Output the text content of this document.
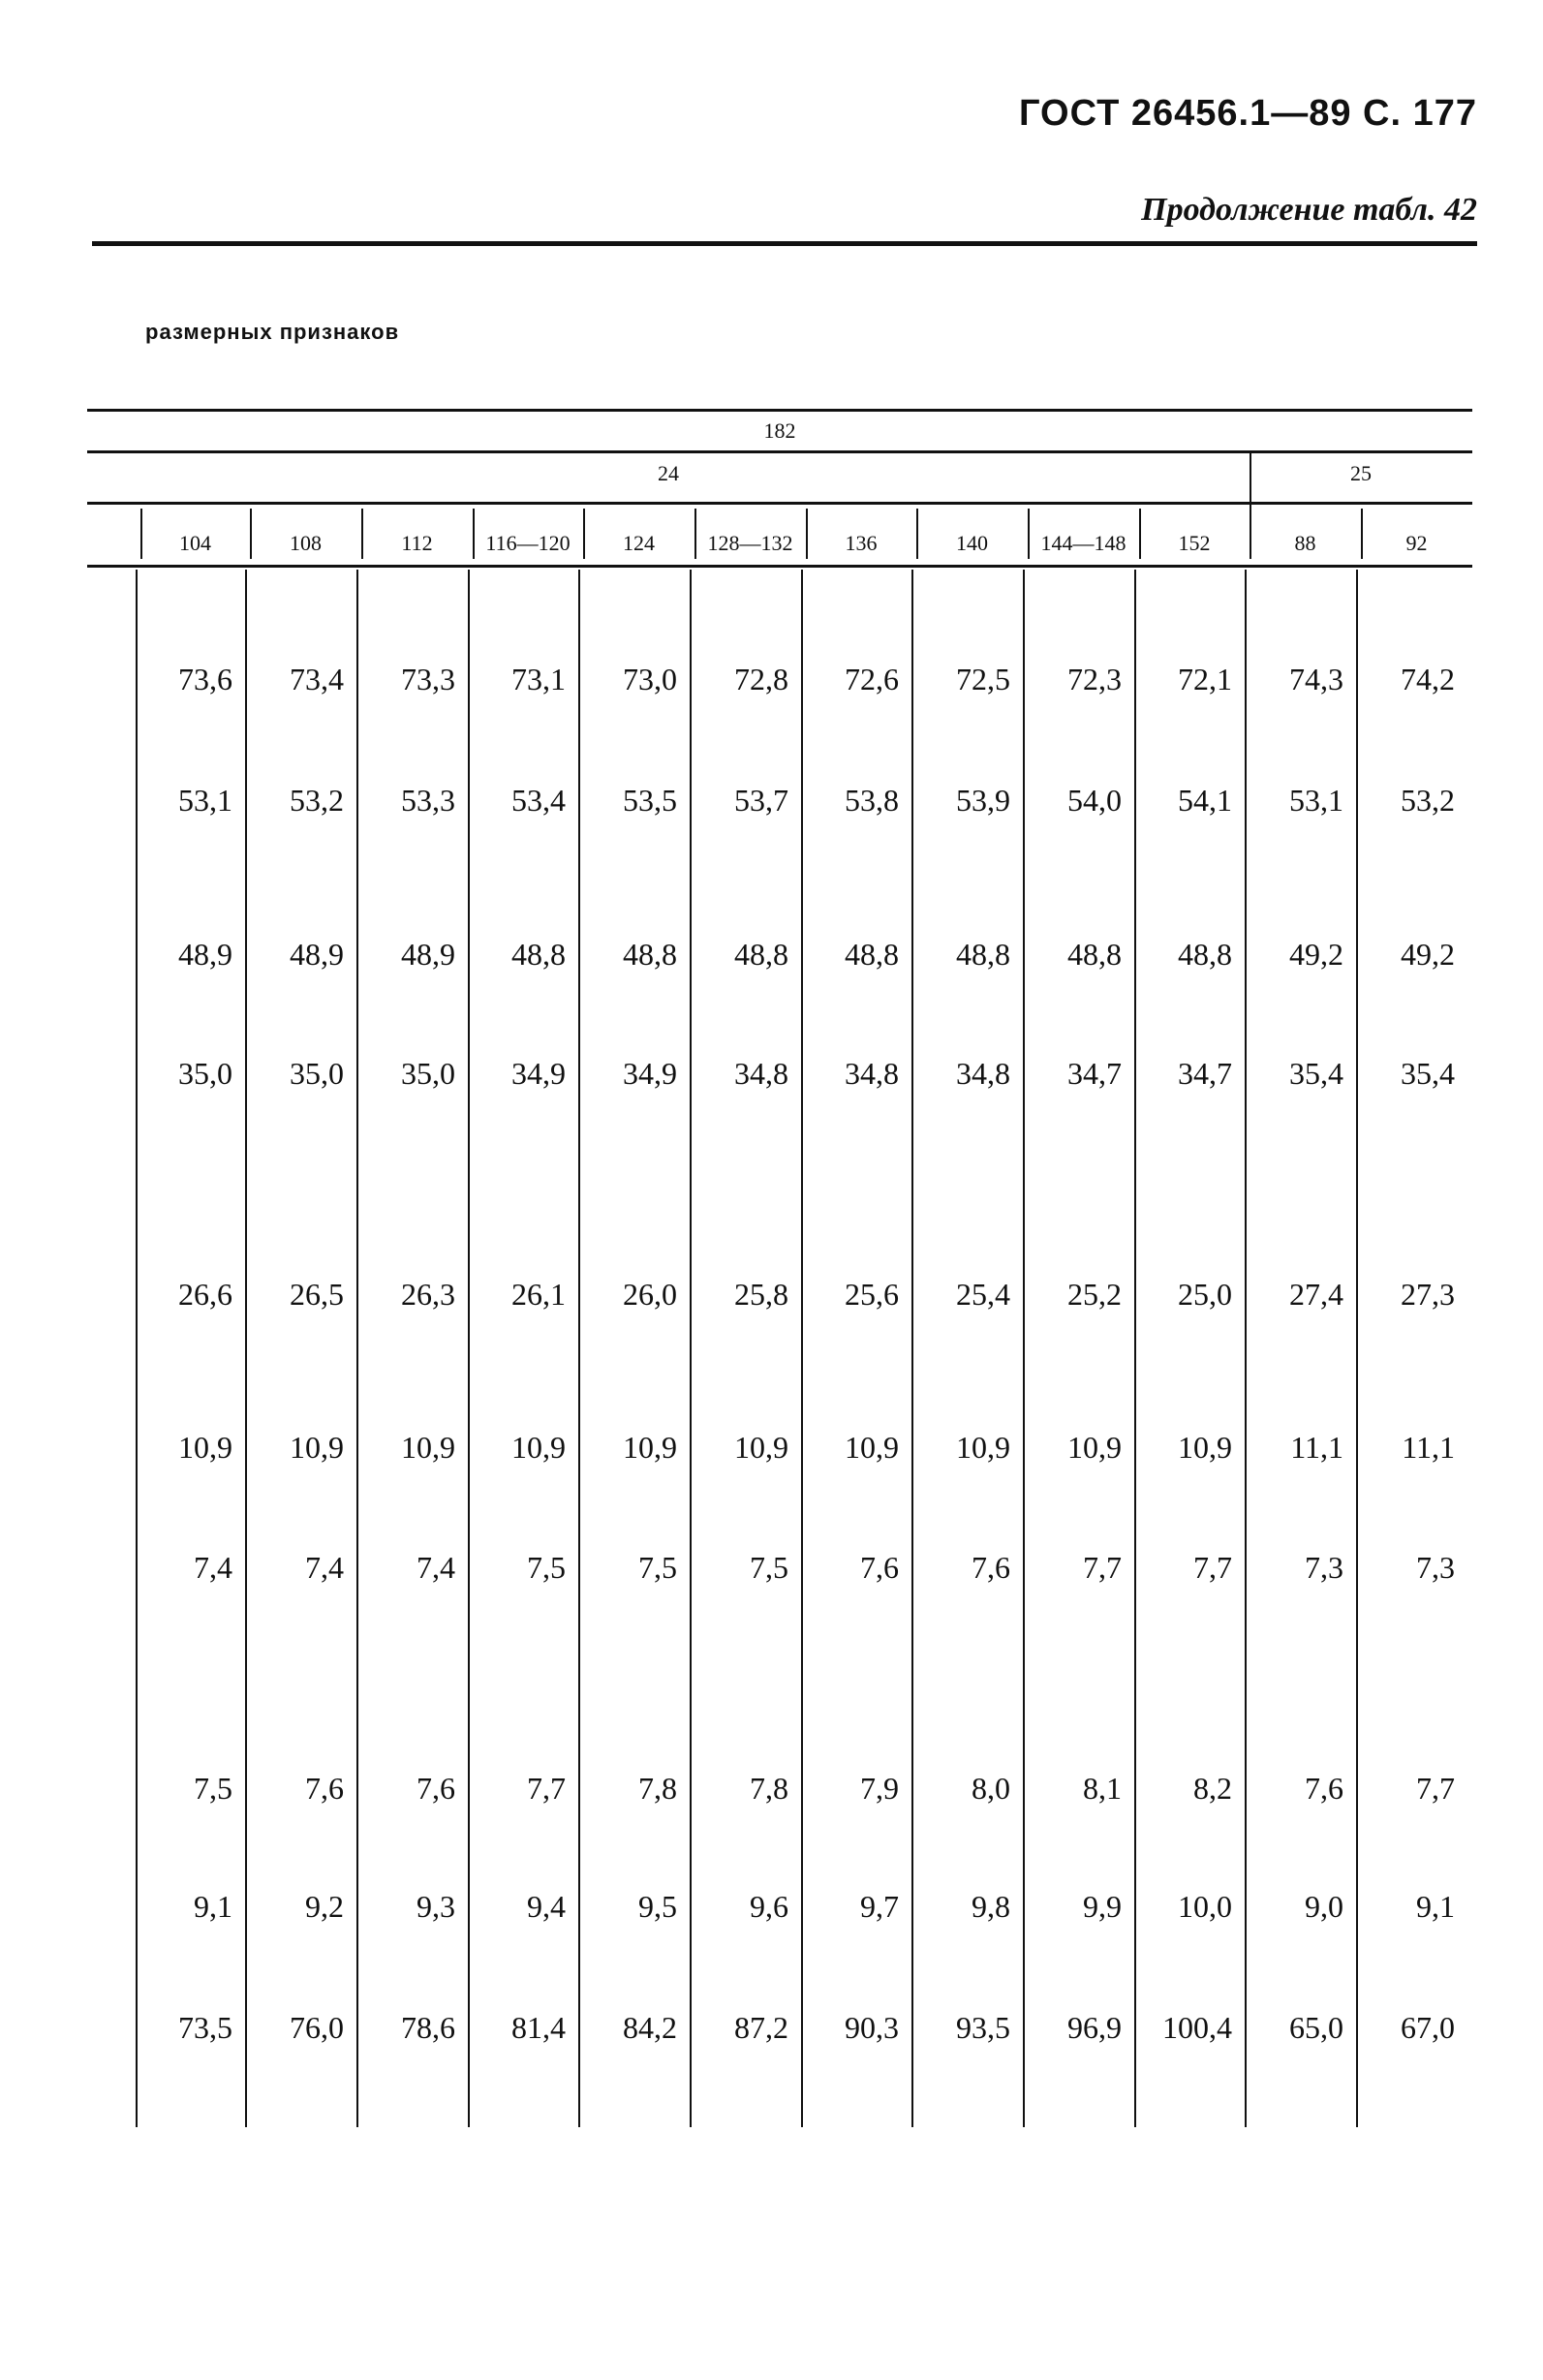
ГОСТ 26456.1—89 С. 177
Продолжение табл. 42
размерных признаков
182
24	25
104	108	112	116—120	124	128—132	136	140	144—148	152	88	92
73,6	73,4	73,3	73,1	73,0	72,8	72,6	72,5	72,3	72,1	74,3	74,2
53,1	53,2	53,3	53,4	53,5	53,7	53,8	53,9	54,0	54,1	53,1	53,2
48,9	48,9	48,9	48,8	48,8	48,8	48,8	48,8	48,8	48,8	49,2	49,2
35,0	35,0	35,0	34,9	34,9	34,8	34,8	34,8	34,7	34,7	35,4	35,4
26,6	26,5	26,3	26,1	26,0	25,8	25,6	25,4	25,2	25,0	27,4	27,3
10,9	10,9	10,9	10,9	10,9	10,9	10,9	10,9	10,9	10,9	11,1	11,1
7,4	7,4	7,4	7,5	7,5	7,5	7,6	7,6	7,7	7,7	7,3	7,3
7,5	7,6	7,6	7,7	7,8	7,8	7,9	8,0	8,1	8,2	7,6	7,7
9,1	9,2	9,3	9,4	9,5	9,6	9,7	9,8	9,9	10,0	9,0	9,1
73,5	76,0	78,6	81,4	84,2	87,2	90,3	93,5	96,9	100,4	65,0	67,0
